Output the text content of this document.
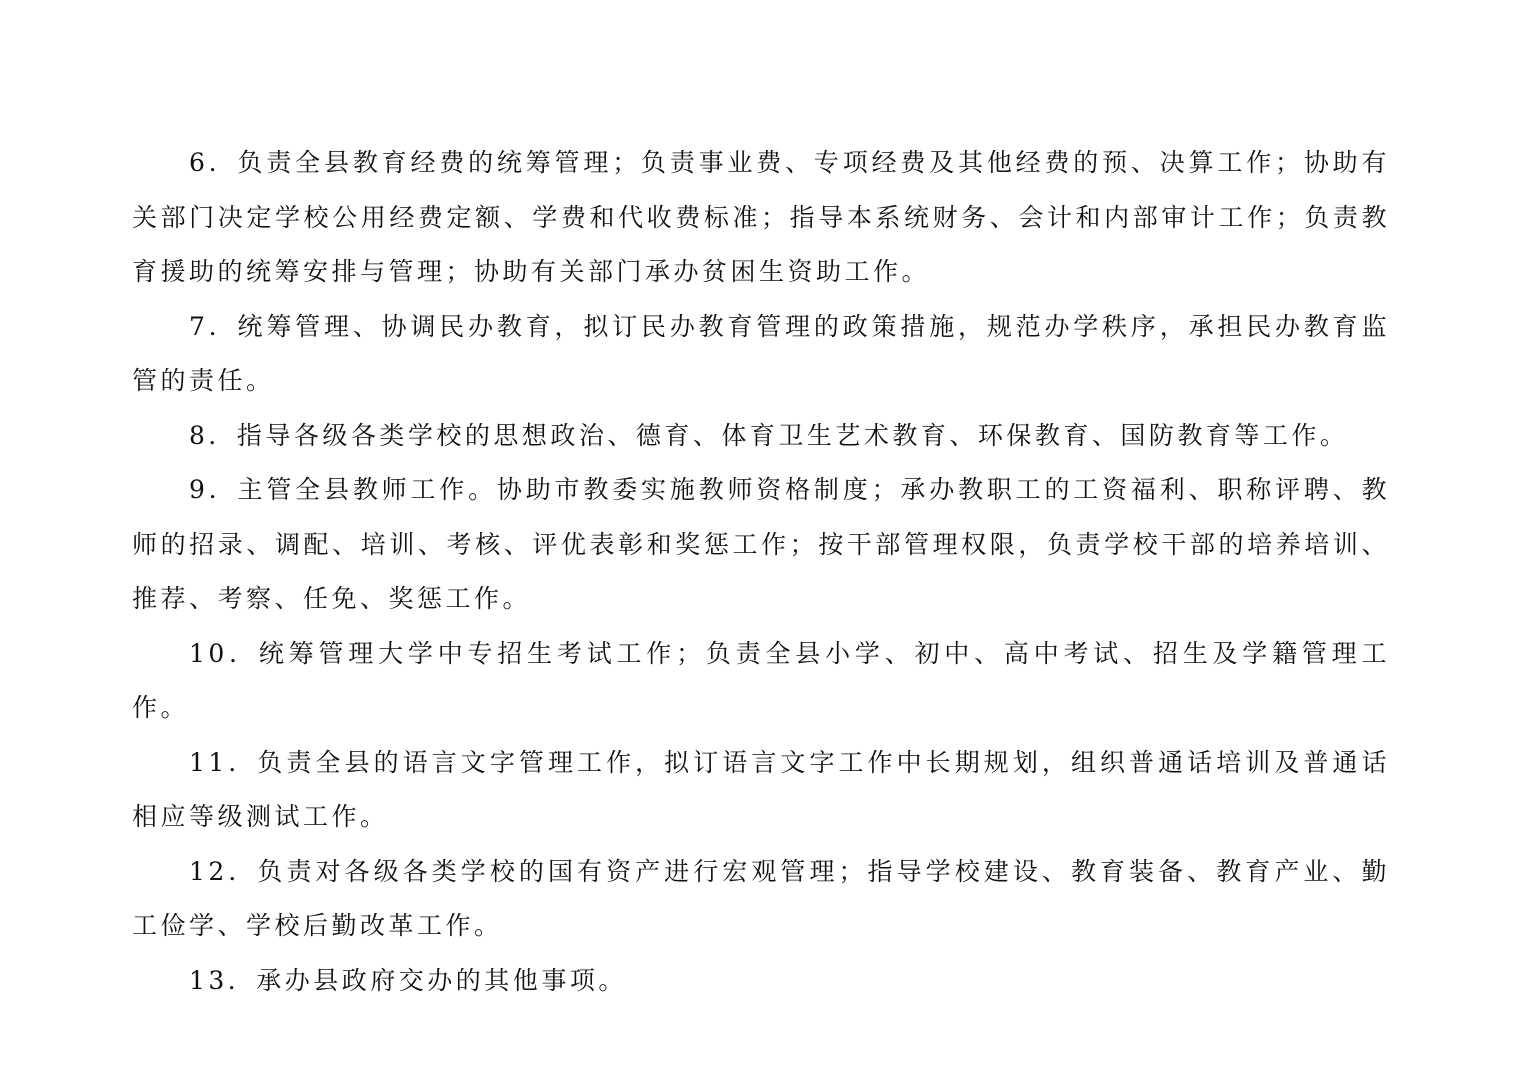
6．负责全县教育经费的统筹管理；负责事业费、专项经费及其他经费的预、决算工作；协助有关部门决定学校公用经费定额、学费和代收费标准；指导本系统财务、会计和内部审计工作；负责教育援助的统筹安排与管理；协助有关部门承办贫困生资助工作。

7．统筹管理、协调民办教育，拟订民办教育管理的政策措施，规范办学秩序，承担民办教育监管的责任。

8．指导各级各类学校的思想政治、德育、体育卫生艺术教育、环保教育、国防教育等工作。

9．主管全县教师工作。协助市教委实施教师资格制度；承办教职工的工资福利、职称评聘、教师的招录、调配、培训、考核、评优表彰和奖惩工作；按干部管理权限，负责学校干部的培养培训、推荐、考察、任免、奖惩工作。

10．统筹管理大学中专招生考试工作；负责全县小学、初中、高中考试、招生及学籍管理工作。

11．负责全县的语言文字管理工作，拟订语言文字工作中长期规划，组织普通话培训及普通话相应等级测试工作。

12．负责对各级各类学校的国有资产进行宏观管理；指导学校建设、教育装备、教育产业、勤工俭学、学校后勤改革工作。

13．承办县政府交办的其他事项。
